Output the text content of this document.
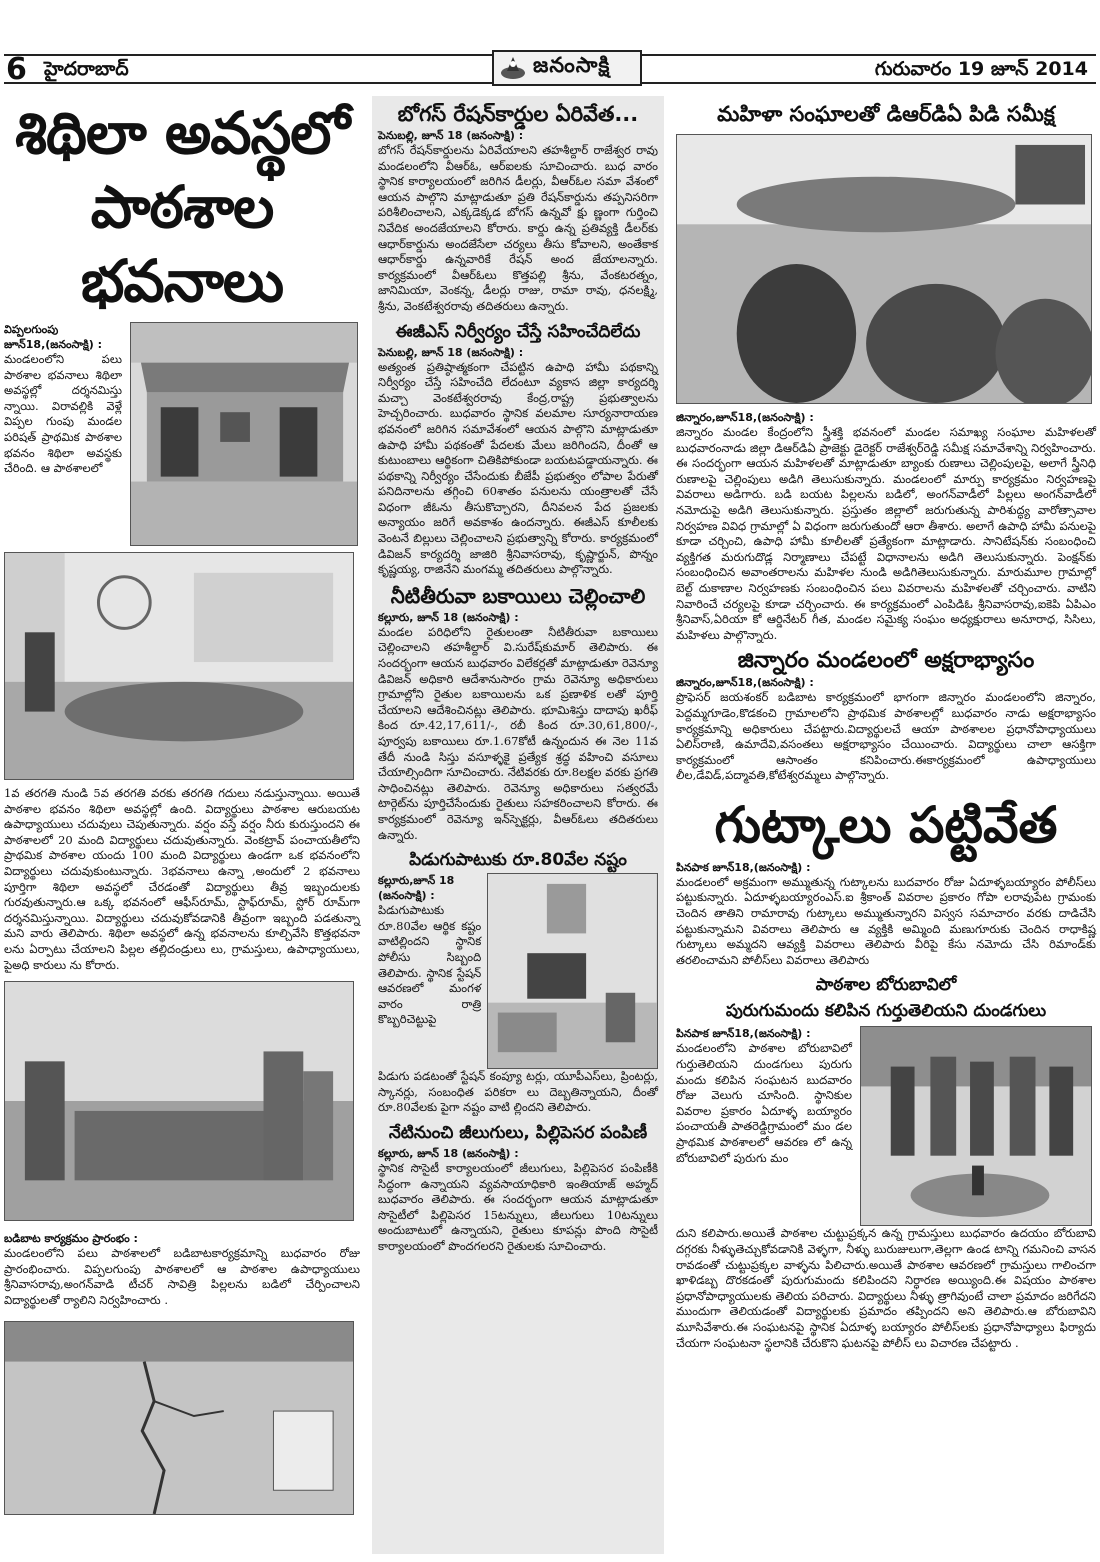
6 హైదరాబాద్	జనంసాక్షి	గురువారం 19 జూన్ 2014
శిథిలా అవస్థలో
పాఠశాల భవనాలు
విప్పలగుంపు
జూన్18,(జనంసాక్షి) :
మండలంలోని పలు పాఠశాల భవనాలు శిథిలా అవస్థల్లో దర్శనమిస్తు న్నాయి. విరావల్లికి వెళ్లే విప్పల గుంపు మండల పరిషత్ ప్రాథమిక పాఠశాల భవనం శిథిలా అవస్థకు చేరింది. ఆ పాఠశాలలో
1వ తరగతి నుండి 5వ తరగతి వరకు తరగతి గదులు నడుస్తున్నాయి. అయితే పాఠశాల భవనం శిథిలా అవస్థల్లో ఉంది. విద్యార్థులు పాఠశాల ఆరుబయట ఉపాధ్యాయులు చదువులు చెపుతున్నారు. వర్షం వస్తే వర్షం నీరు కురుస్తుందని ఈ పాఠశాలలో 20 మంది విద్యార్థులు చదువుతున్నారు. వెంకట్రావ్ పంచాయతీలోని ప్రాథమిక పాఠశాల యందు 100 మంది విద్యార్థులు ఉండగా ఒక భవనంలోని విద్యార్థులు చదువుకుంటున్నారు. 3భవనాలు ఉన్నా ,అందులో 2 భవనాలు పూర్తిగా శిథిలా అవస్థలో చేరడంతో విద్యార్థులు తీవ్ర ఇబ్బందులకు గురవుతున్నారు.ఆ ఒక్క భవనంలో ఆఫీస్‌రూమ్, స్టాఫ్‌రూమ్, స్టోర్ రూమ్‌గా దర్శనమిస్తున్నాయి. విద్యార్థులు చదువుకోవడానికి తీవ్రంగా ఇబ్బంది పడతున్నా మని వారు తెలిపారు. శిథిలా అవస్థలో ఉన్న భవనాలను కూల్చివేసి కొత్తభవనా లను ఏర్పాటు చేయాలని పిల్లల తల్లిదండ్రులు లు, గ్రామస్తులు, ఉపాధ్యాయులు, పైఅధి కారులు ను కోరారు.
బడిబాట కార్యక్రమం ప్రారంభం :
మండలంలోని పలు పాఠశాలలో బడిబాటకార్యక్రమాన్ని బుధవారం రోజు ప్రారంభించారు. విప్పలగుంపు పాఠశాలలో ఆ పాఠశాల ఉపాధ్యాయులు శ్రీనివాసరావు,అంగన్‌వాడి టీచర్ సావిత్రి పిల్లలను బడిలో చేర్పించాలని విద్యార్థులతో ర్యాలిని నిర్వహించారు .
బోగస్ రేషన్‌కార్డుల ఏరివేత...
పెనుబల్లి, జూన్ 18 (జనంసాక్షి) :
బోగస్ రేషన్‌కార్డులను ఏరివేయాలని తహశీల్దార్ రాజేశ్వర రావు మండలంలోని వీఆర్‌ఓ, ఆర్‌ఐలకు సూచించారు. బుధ వారం స్థానిక కార్యాలయంలో జరిగిన డీలర్లు, వీఆర్‌ఓల సమా వేశంలో ఆయన పాల్గొని మాట్లాడుతూ ప్రతి రేషన్‌కార్డును తప్పనిసరిగా పరిశీలించాలని, ఎక్కడెక్కడ బోగస్ ఉన్నవో క్షు ణ్ణంగా గుర్తించి నివేదిక అందజేయాలని కోరారు. కార్డు ఉన్న ప్రతివ్యక్తి డీలర్‌కు ఆధార్‌కార్డును అందజేసేలా చర్యలు తీసు కోవాలని, అంతేకాక ఆధార్‌కార్డు ఉన్నవారికే రేషన్ అంద జేయాలన్నారు. కార్యక్రమంలో వీఆర్‌ఓలు కొత్తపల్లి శ్రీను, వేంకటరత్నం, జానిమియా, వెంకన్న, డీలర్లు రాజు, రామా రావు, ధనలక్ష్మి, శ్రీను, వెంకటేశ్వరరావు తదితరులు ఉన్నారు.
ఈజీఎస్ నిర్వీర్యం చేస్తే సహించేదిలేదు
పెనుబల్లి, జూన్ 18 (జనంసాక్షి) :
అత్యంత ప్రతిష్ఠాత్మకంగా చేపట్టిన ఉపాధి హామీ పథకాన్ని నిర్వీర్యం చేస్తే సహించేది లేదంటూ వ్యకాస జిల్లా కార్యదర్శి మచ్చా వెంకటేశ్వరరావు కేంద్ర,రాష్ట్ర ప్రభుత్వాలను హెచ్చరించారు. బుధవారం స్థానిక వలమాల సూర్యనారాయణ భవనంలో జరిగిన సమావేశంలో ఆయన పాల్గొని మాట్లాడుతూ ఉపాధి హామీ పథకంతో పేదలకు మేలు జరిగిందని, దీంతో ఆ కుటుంబాలు ఆర్థికంగా చితికిపోకుండా బయటపడ్డాయన్నారు. ఈ పథకాన్ని నిర్వీర్యం చేసేందుకు బీజేపీ ప్రభుత్వం లోపాల పేరుతో పనిదినాలను తగ్గించి 60శాతం పనులను యంత్రాలతో చేసే విధంగా జీఓను తీసుకొచ్చారని, దీనివలన పేద ప్రజలకు అన్యాయం జరిగే అవకాశం ఉందన్నారు. ఈజీఎస్ కూలీలకు వెంటనే బిల్లులు చెల్లించాలని ప్రభుత్వాన్ని కోరారు. కార్యక్రమంలో డివిజన్ కార్యదర్శి జాజిరి శ్రీనివాసరావు, కృష్ణార్జున్, పొన్నం కృష్ణయ్య, రాజినేని మంగమ్మ తదితరులు పాల్గొన్నారు.
నీటితీరువా బకాయిలు చెల్లించాలి
కల్లూరు, జూన్ 18 (జనంసాక్షి) :
మండల పరిధిలోని రైతులంతా నీటితీరువా బకాయిలు చెల్లించాలని తహశీల్దార్ వి.సురేష్‌కుమార్ తెలిపారు. ఈ సందర్భంగా ఆయన బుధవారం విలేకర్లతో మాట్లాడుతూ రెవెన్యూ డివిజన్ అధికారి ఆదేశానుసారం గ్రామ రెవెన్యూ అధికారులు గ్రామాల్లోని రైతుల బకాయిలను ఒక ప్రణాళిక లతో పూర్తి చేయాలని ఆదేశించినట్లు తెలిపారు. భూమిశిస్తు దాదాపు ఖరీఫ్ కింద రూ.42,17,611/-, రబీ కింద రూ.30,61,800/-, పూర్వపు బకాయిలు రూ.1.67కోటీ ఉన్నందున ఈ నెల 11వ తేదీ నుండి సిస్తు వసూళ్ళకై ప్రత్యేక శ్రద్ధ వహించి వసూలు చేయాల్సిందిగా సూచించారు. నేటివరకు రూ.8లక్షల వరకు ప్రగతి సాధించినట్లు తెలిపారు. రెవెన్యూ అధికారులు సత్వరమే టార్గెట్‌ను పూర్తిచేసేందుకు రైతులు సహకరించాలని కోరారు. ఈ కార్యక్రమంలో రెవెన్యూ ఇన్‌స్పెక్టర్లు, వీఆర్‌ఓలు తదితరులు ఉన్నారు.
పిడుగుపాటుకు రూ.80వేల నష్టం
కల్లూరు,జూన్ 18 (జనంసాక్షి) :
పిడుగుపాటుకు రూ.80వేల ఆర్థిక కష్టం వాటిల్లిందని స్థానిక పోలీసు సిబ్బంది తెలిపారు. స్థానిక స్టేషన్ ఆవరణలో మంగళ వారం రాత్రి కొబ్బరిచెట్టుపై
పిడుగు పడటంతో స్టేషన్ కంప్యూ టర్లు, యూపీఎస్‌లు, ప్రింటర్లు, స్కానర్లు, సంబంధిత పరికరా లు దెబ్బతిన్నాయని, దీంతో రూ.80వేలకు పైగా నష్టం వాటి ల్లిందని తెలిపారు.
నేటినుంచి జీలుగులు, పిల్లిపెసర పంపిణీ
కల్లూరు, జూన్ 18 (జనంసాక్షి) :
స్థానిక సొసైటీ కార్యాలయంలో జీలుగులు, పిల్లిపెసర పంపిణీకి సిద్ధంగా ఉన్నాయని వ్యవసాయాధికారి ఇంతియాజ్ అహ్మద్ బుధవారం తెలిపారు. ఈ సందర్భంగా ఆయన మాట్లాడుతూ సొసైటీలో పిల్లిపెసర 15టన్నులు, జీలుగులు 10టన్నులు అందుబాటులో ఉన్నాయని, రైతులు కూపన్లు పొంది సొసైటీ కార్యాలయంలో పొందగలరని రైతులకు సూచించారు.
మహిళా సంఘాలతో డిఆర్‌డిఏ పిడి సమీక్ష
జిన్నారం,జూన్18,(జనంసాక్షి) :
జిన్నారం మండల కేంద్రంలోని స్త్రీశక్తి భవనంలో మండల సమాఖ్య సంఘాల మహిళలతో బుధవారంనాడు జిల్లా డిఆర్‌డిఏ ప్రాజెక్టు డైరెక్టర్ రాజేశ్వర్‌రెడ్డి సమీక్ష సమావేశాన్ని నిర్వహించారు. ఈ సందర్భంగా ఆయన మహిళలతో మాట్లాడుతూ బ్యాంకు రుణాలు చెల్లింపులపై, అలాగే స్త్రీనిధి రుణాలపై చెల్లింపులు అడిగి తెలుసుకున్నారు. మండలంలో మార్పు కార్యక్రమం నిర్వహణపై వివరాలు అడిగారు. బడి బయట పిల్లలను బడిలో, అంగన్‌వాడీలో పిల్లలు అంగన్‌వాడీలో నమోదుపై అడిగి తెలుసుకున్నారు. ప్రస్తుతం జిల్లాలో జరుగుతున్న పారిశుద్ధ్య వారోత్సావాల నిర్వహణ వివిధ గ్రామాల్లో ఏ విధంగా జరుగుతుందో ఆరా తీశారు. అలాగే ఉపాధి హామీ పనులపై కూడా చర్చించి, ఉపాధి హామీ కూలీలతో ప్రత్యేకంగా మాట్లాడారు. సానిటేషన్‌కు సంబంధించి వ్యక్తిగత మరుగుదొడ్ల నిర్మాణాలు చేపట్టే విధానాలను అడిగి తెలుసుకున్నారు. పెంక్షన్‌కు సంబంధించిన అవాంతరాలను మహిళల నుండి అడిగితెలుసుకున్నారు. మారుమూల గ్రామాల్లో బెల్ట్ దుకాణాల నిర్వహణకు సంబంధించిన పలు వివరాలను మహిళలతో చర్చించారు. వాటిని నివారించే చర్యలపై కూడా చర్చించారు. ఈ కార్యక్రమంలో ఎంపిడిఓ శ్రీనివాసరావు,ఐకెపి ఏపిఎం శ్రీనివాస్,ఏరియా కో ఆర్డినేటర్ గీత, మండల సమైక్య సంఘం అధ్యక్షురాలు అనూరాధ, సిసిలు, మహిళలు పాల్గొన్నారు.
జిన్నారం మండలంలో అక్షరాభ్యాసం
జిన్నారం,జూన్18,(జనంసాక్షి) :
ప్రొఫెసర్ జయశంకర్ బడిబాట కార్యక్రమంలో భాగంగా జిన్నారం మండలంలోని జిన్నారం, పెద్దమ్మగూడెం,కొడకంచి గ్రామాలలోని ప్రాథమిక పాఠశాలల్లో బుధవారం నాడు అక్షరాభ్యాసం కార్యక్రమాన్ని అధికారులు చేపట్టారు.విద్యార్థులచే ఆయా పాఠశాలల ప్రధానోపాధ్యాయులు ఏలిస్‌రాణి, ఉమాదేవి,వసంతలు అక్షరాభ్యాసం చేయించారు. విద్యార్థులు చాలా ఆసక్తిగా కార్యక్రమంలో ఆసాంతం కనిపించారు.ఈకార్యక్రమంలో ఉపాధ్యాయులు లీల,డేవిడ్,పద్మావతి,కోటేశ్వరమ్మలు పాల్గొన్నారు.
గుట్కాలు పట్టివేత
పినపాక జూన్18,(జనంసాక్షి) :
మండలంలో అక్రమంగా అమ్ముతున్న గుట్కాలను బుదవారం రోజు ఏదూళ్ళబయ్యారం పోలీస్‌లు పట్టుకున్నారు. ఏదూళ్ళబయ్యారంఎస్.ఐ శ్రీకాంత్ వివరాల ప్రకారం గోపా లరావుపేట గ్రామంకు చెందిన తాతిని రామారావు గుట్కాలు అమ్ముతున్నారని విస్వస సమాచారం వరకు దాడిచేసి పట్టుకున్నామని వివరాలు తెలిపారు ఆ వ్యక్తికి అమ్మింది మణుగూరుకు చెందిన రాధాకిష్ణ గుట్కాలు అమ్మదని ఆవ్యక్తి వివరాలు తెలిపారు వీరిపై కేసు నమోదు చేసి రిమాండ్‌కు తరలించామని పోలీస్‌లు వివరాలు తెలిపారు
పాఠశాల బోరుబావిలో
పురుగుమందు కలిపిన గుర్తుతెలియని దుండగులు
పినపాక జూన్18,(జనంసాక్షి) :
మండలంలోని పాఠశాల బోరుబావిలో గుర్తుతెలియని దుండగులు పురుగు మందు కలిపిన సంఘటన బుదవారం రోజు వెలుగు చూసింది. స్థానికుల వివరాల ప్రకారం ఏదూళ్ళ బయ్యారం పంచాయతీ పాతరెడ్డిగ్రామంలో మం డల ప్రాథమిక పాఠశాలలో ఆవరణ లో ఉన్న బోరుబావిలో పురుగు మం
దుని కలిపారు.అయితే పాఠశాల చుట్టుప్రక్కన ఉన్న గ్రామస్తులు బుధవారం ఉదయం బోరుబావి దగ్గరకు నీళ్ళుతెచ్చుకోవడానికి వెళ్ళగా, నీళ్ళు బురుజులుగా,తెల్లగా ఉండ టాన్ని గమనించి వాసన రావడంతో చుట్టుప్రక్కల వాళ్ళను పిలిచారు.అయితే పాఠశాల ఆవరణలో గ్రామస్తులు గాలించగా ఖాళిడబ్బ దొరకడంతో పురుగుమందు కలిపిందని నిర్ధారణ అయ్యింది.ఈ విషయం పాఠశాల ప్రధానోపాధ్యాయులకు తెలియ పరిచారు. విద్యార్థులు నీళ్ళు త్రాగివుంటే చాలా ప్రమాదం జరిగేదని ముందుగా తెలియడంతో విద్యార్థులకు ప్రమాదం తప్పిందని అని తెలిపారు.ఆ బోరుబావిని మూసివేశారు.ఈ సంఘటనపై స్థానిక ఏదూళ్ళ బయ్యారం పోలీస్‌లకు ప్రధానోపాధ్యాలు ఫిర్యాదు చేయగా సంఘటనా స్థలానికి చేరుకొని ఘటనపై పోలీస్ లు విచారణ చేపట్టారు .
